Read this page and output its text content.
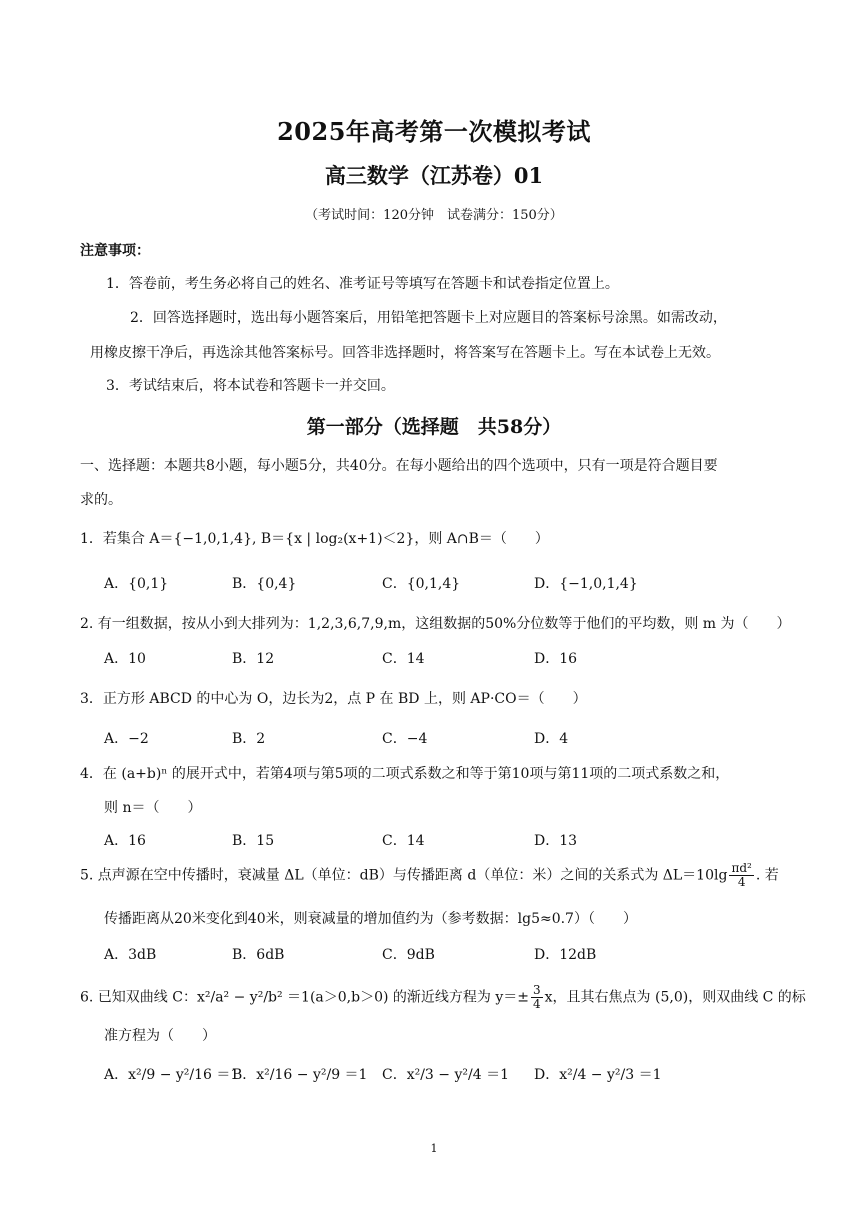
2025年高考第一次模拟考试
高三数学（江苏卷）01
（考试时间：120分钟　试卷满分：150分）
注意事项：
1．答卷前，考生务必将自己的姓名、准考证号等填写在答题卡和试卷指定位置上。
2．回答选择题时，选出每小题答案后，用铅笔把答题卡上对应题目的答案标号涂黑。如需改动，
用橡皮擦干净后，再选涂其他答案标号。回答非选择题时，将答案写在答题卡上。写在本试卷上无效。
3．考试结束后，将本试卷和答题卡一并交回。
第一部分（选择题　共58分）
一、选择题：本题共8小题，每小题5分，共40分。在每小题给出的四个选项中，只有一项是符合题目要
求的。
1．若集合 A＝{−1,0,1,4}, B＝{x | log₂(x+1)＜2}，则 A∩B＝（　　）
A．{0,1}	B．{0,4}	C．{0,1,4}	D．{−1,0,1,4}
2. 有一组数据，按从小到大排列为：1,2,3,6,7,9,m，这组数据的50%分位数等于他们的平均数，则 m 为（　　）
A．10	B．12	C．14	D．16
3．正方形 ABCD 的中心为 O，边长为2，点 P 在 BD 上，则 AP·CO＝（　　）
A．−2	B．2	C．−4	D．4
4．在 (a+b)ⁿ 的展开式中，若第4项与第5项的二项式系数之和等于第10项与第11项的二项式系数之和，
则 n＝（　　）
A．16	B．15	C．14	D．13
5. 点声源在空中传播时，衰减量 ΔL（单位：dB）与传播距离 d（单位：米）之间的关系式为 $\Delta L=10\lg \frac{\text{πd²}}{4}$ . 若
传播距离从20米变化到40米，则衰减量的增加值约为（参考数据：lg5≈0.7）（　　）
A．3dB	B．6dB	C．9dB	D．12dB
6. 已知双曲线 C：x²/a² − y²/b² ＝1(a＞0,b＞0) 的渐近线方程为 $y=\pm \frac{3}{4}$ x，且其右焦点为 (5,0)，则双曲线 C 的标
准方程为（　　）
A．x²/9 − y²/16 ＝1
B．x²/16 − y²/9 ＝1 C．x²/3 − y²/4 ＝1 D．x²/4 − y²/3 ＝1
1
